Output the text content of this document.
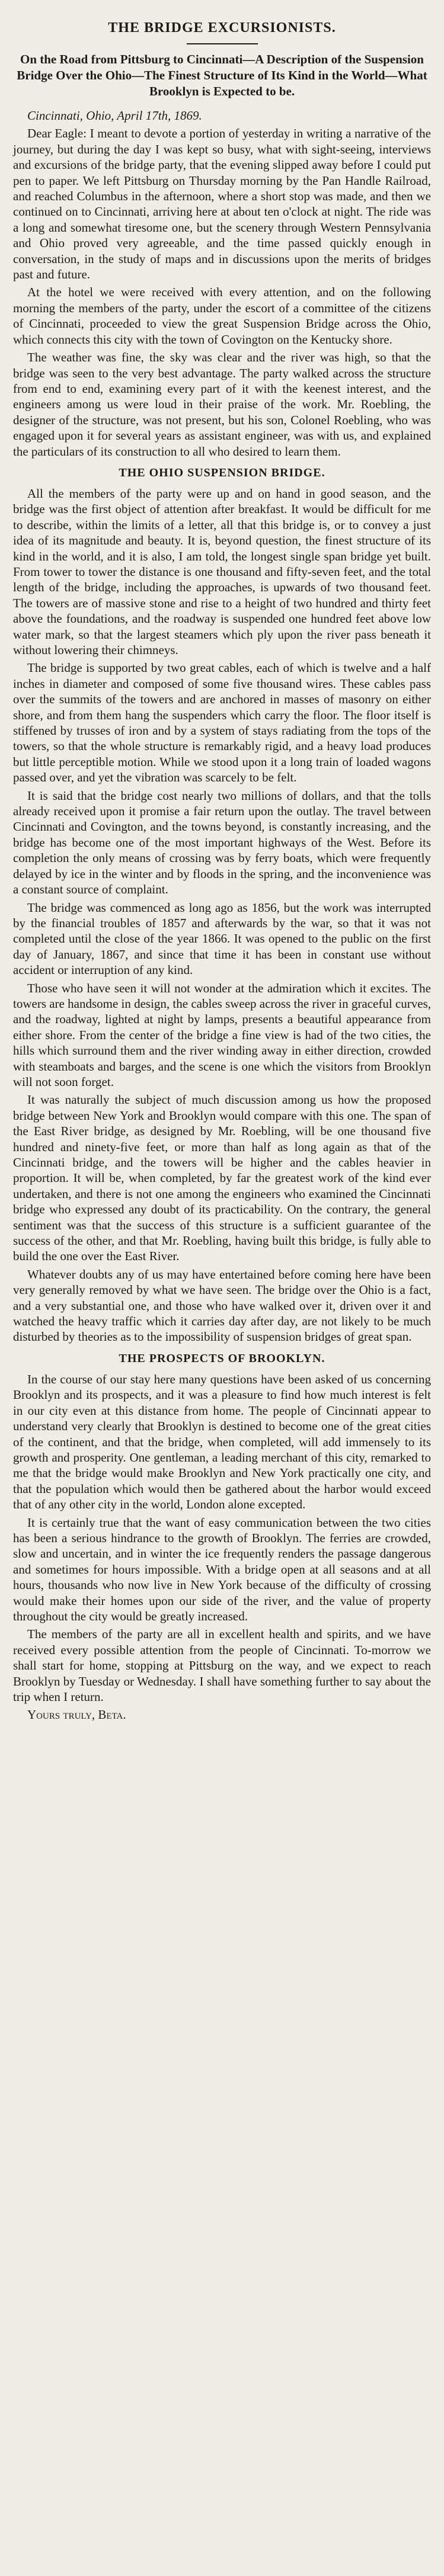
THE BRIDGE EXCURSIONISTS.
On the Road from Pittsburg to Cincinnati—A Description of the Suspension Bridge Over the Ohio—The Finest Structure of Its Kind in the World—What Brooklyn is Expected to be.

Cincinnati, Ohio, April 17th, 1869.

Dear Eagle: I meant to devote a portion of yesterday in writing a narrative of the journey, but during the day I was kept so busy, what with sight-seeing, interviews and excursions of the bridge party, that the evening slipped away before I could put pen to paper. We left Pittsburg on Thursday morning by the Pan Handle Railroad, and reached Columbus in the afternoon, where a short stop was made, and then we continued on to Cincinnati, arriving here at about ten o'clock at night. The ride was a long and somewhat tiresome one, but the scenery through Western Pennsylvania and Ohio proved very agreeable, and the time passed quickly enough in conversation, in the study of maps and in discussions upon the merits of bridges past and future.

At the hotel we were received with every attention, and on the following morning the members of the party, under the escort of a committee of the citizens of Cincinnati, proceeded to view the great Suspension Bridge across the Ohio, which connects this city with the town of Covington on the Kentucky shore.

The weather was fine, the sky was clear and the river was high, so that the bridge was seen to the very best advantage. The party walked across the structure from end to end, examining every part of it with the keenest interest, and the engineers among us were loud in their praise of the work. Mr. Roebling, the designer of the structure, was not present, but his son, Colonel Roebling, who was engaged upon it for several years as assistant engineer, was with us, and explained the particulars of its construction to all who desired to learn them.

THE OHIO SUSPENSION BRIDGE.

All the members of the party were up and on hand in good season, and the bridge was the first object of attention after breakfast. It would be difficult for me to describe, within the limits of a letter, all that this bridge is, or to convey a just idea of its magnitude and beauty. It is, beyond question, the finest structure of its kind in the world, and it is also, I am told, the longest single span bridge yet built. From tower to tower the distance is one thousand and fifty-seven feet, and the total length of the bridge, including the approaches, is upwards of two thousand feet. The towers are of massive stone and rise to a height of two hundred and thirty feet above the foundations, and the roadway is suspended one hundred feet above low water mark, so that the largest steamers which ply upon the river pass beneath it without lowering their chimneys.

The bridge is supported by two great cables, each of which is twelve and a half inches in diameter and composed of some five thousand wires. These cables pass over the summits of the towers and are anchored in masses of masonry on either shore, and from them hang the suspenders which carry the floor. The floor itself is stiffened by trusses of iron and by a system of stays radiating from the tops of the towers, so that the whole structure is remarkably rigid, and a heavy load produces but little perceptible motion. While we stood upon it a long train of loaded wagons passed over, and yet the vibration was scarcely to be felt.

It is said that the bridge cost nearly two millions of dollars, and that the tolls already received upon it promise a fair return upon the outlay. The travel between Cincinnati and Covington, and the towns beyond, is constantly increasing, and the bridge has become one of the most important highways of the West. Before its completion the only means of crossing was by ferry boats, which were frequently delayed by ice in the winter and by floods in the spring, and the inconvenience was a constant source of complaint.

The bridge was commenced as long ago as 1856, but the work was interrupted by the financial troubles of 1857 and afterwards by the war, so that it was not completed until the close of the year 1866. It was opened to the public on the first day of January, 1867, and since that time it has been in constant use without accident or interruption of any kind.

Those who have seen it will not wonder at the admiration which it excites. The towers are handsome in design, the cables sweep across the river in graceful curves, and the roadway, lighted at night by lamps, presents a beautiful appearance from either shore. From the center of the bridge a fine view is had of the two cities, the hills which surround them and the river winding away in either direction, crowded with steamboats and barges, and the scene is one which the visitors from Brooklyn will not soon forget.

It was naturally the subject of much discussion among us how the proposed bridge between New York and Brooklyn would compare with this one. The span of the East River bridge, as designed by Mr. Roebling, will be one thousand five hundred and ninety-five feet, or more than half as long again as that of the Cincinnati bridge, and the towers will be higher and the cables heavier in proportion. It will be, when completed, by far the greatest work of the kind ever undertaken, and there is not one among the engineers who examined the Cincinnati bridge who expressed any doubt of its practicability. On the contrary, the general sentiment was that the success of this structure is a sufficient guarantee of the success of the other, and that Mr. Roebling, having built this bridge, is fully able to build the one over the East River.

Whatever doubts any of us may have entertained before coming here have been very generally removed by what we have seen. The bridge over the Ohio is a fact, and a very substantial one, and those who have walked over it, driven over it and watched the heavy traffic which it carries day after day, are not likely to be much disturbed by theories as to the impossibility of suspension bridges of great span.

THE PROSPECTS OF BROOKLYN.

In the course of our stay here many questions have been asked of us concerning Brooklyn and its prospects, and it was a pleasure to find how much interest is felt in our city even at this distance from home. The people of Cincinnati appear to understand very clearly that Brooklyn is destined to become one of the great cities of the continent, and that the bridge, when completed, will add immensely to its growth and prosperity. One gentleman, a leading merchant of this city, remarked to me that the bridge would make Brooklyn and New York practically one city, and that the population which would then be gathered about the harbor would exceed that of any other city in the world, London alone excepted.

It is certainly true that the want of easy communication between the two cities has been a serious hindrance to the growth of Brooklyn. The ferries are crowded, slow and uncertain, and in winter the ice frequently renders the passage dangerous and sometimes for hours impossible. With a bridge open at all seasons and at all hours, thousands who now live in New York because of the difficulty of crossing would make their homes upon our side of the river, and the value of property throughout the city would be greatly increased.

The members of the party are all in excellent health and spirits, and we have received every possible attention from the people of Cincinnati. To-morrow we shall start for home, stopping at Pittsburg on the way, and we expect to reach Brooklyn by Tuesday or Wednesday. I shall have something further to say about the trip when I return.

Yours truly, Beta.
